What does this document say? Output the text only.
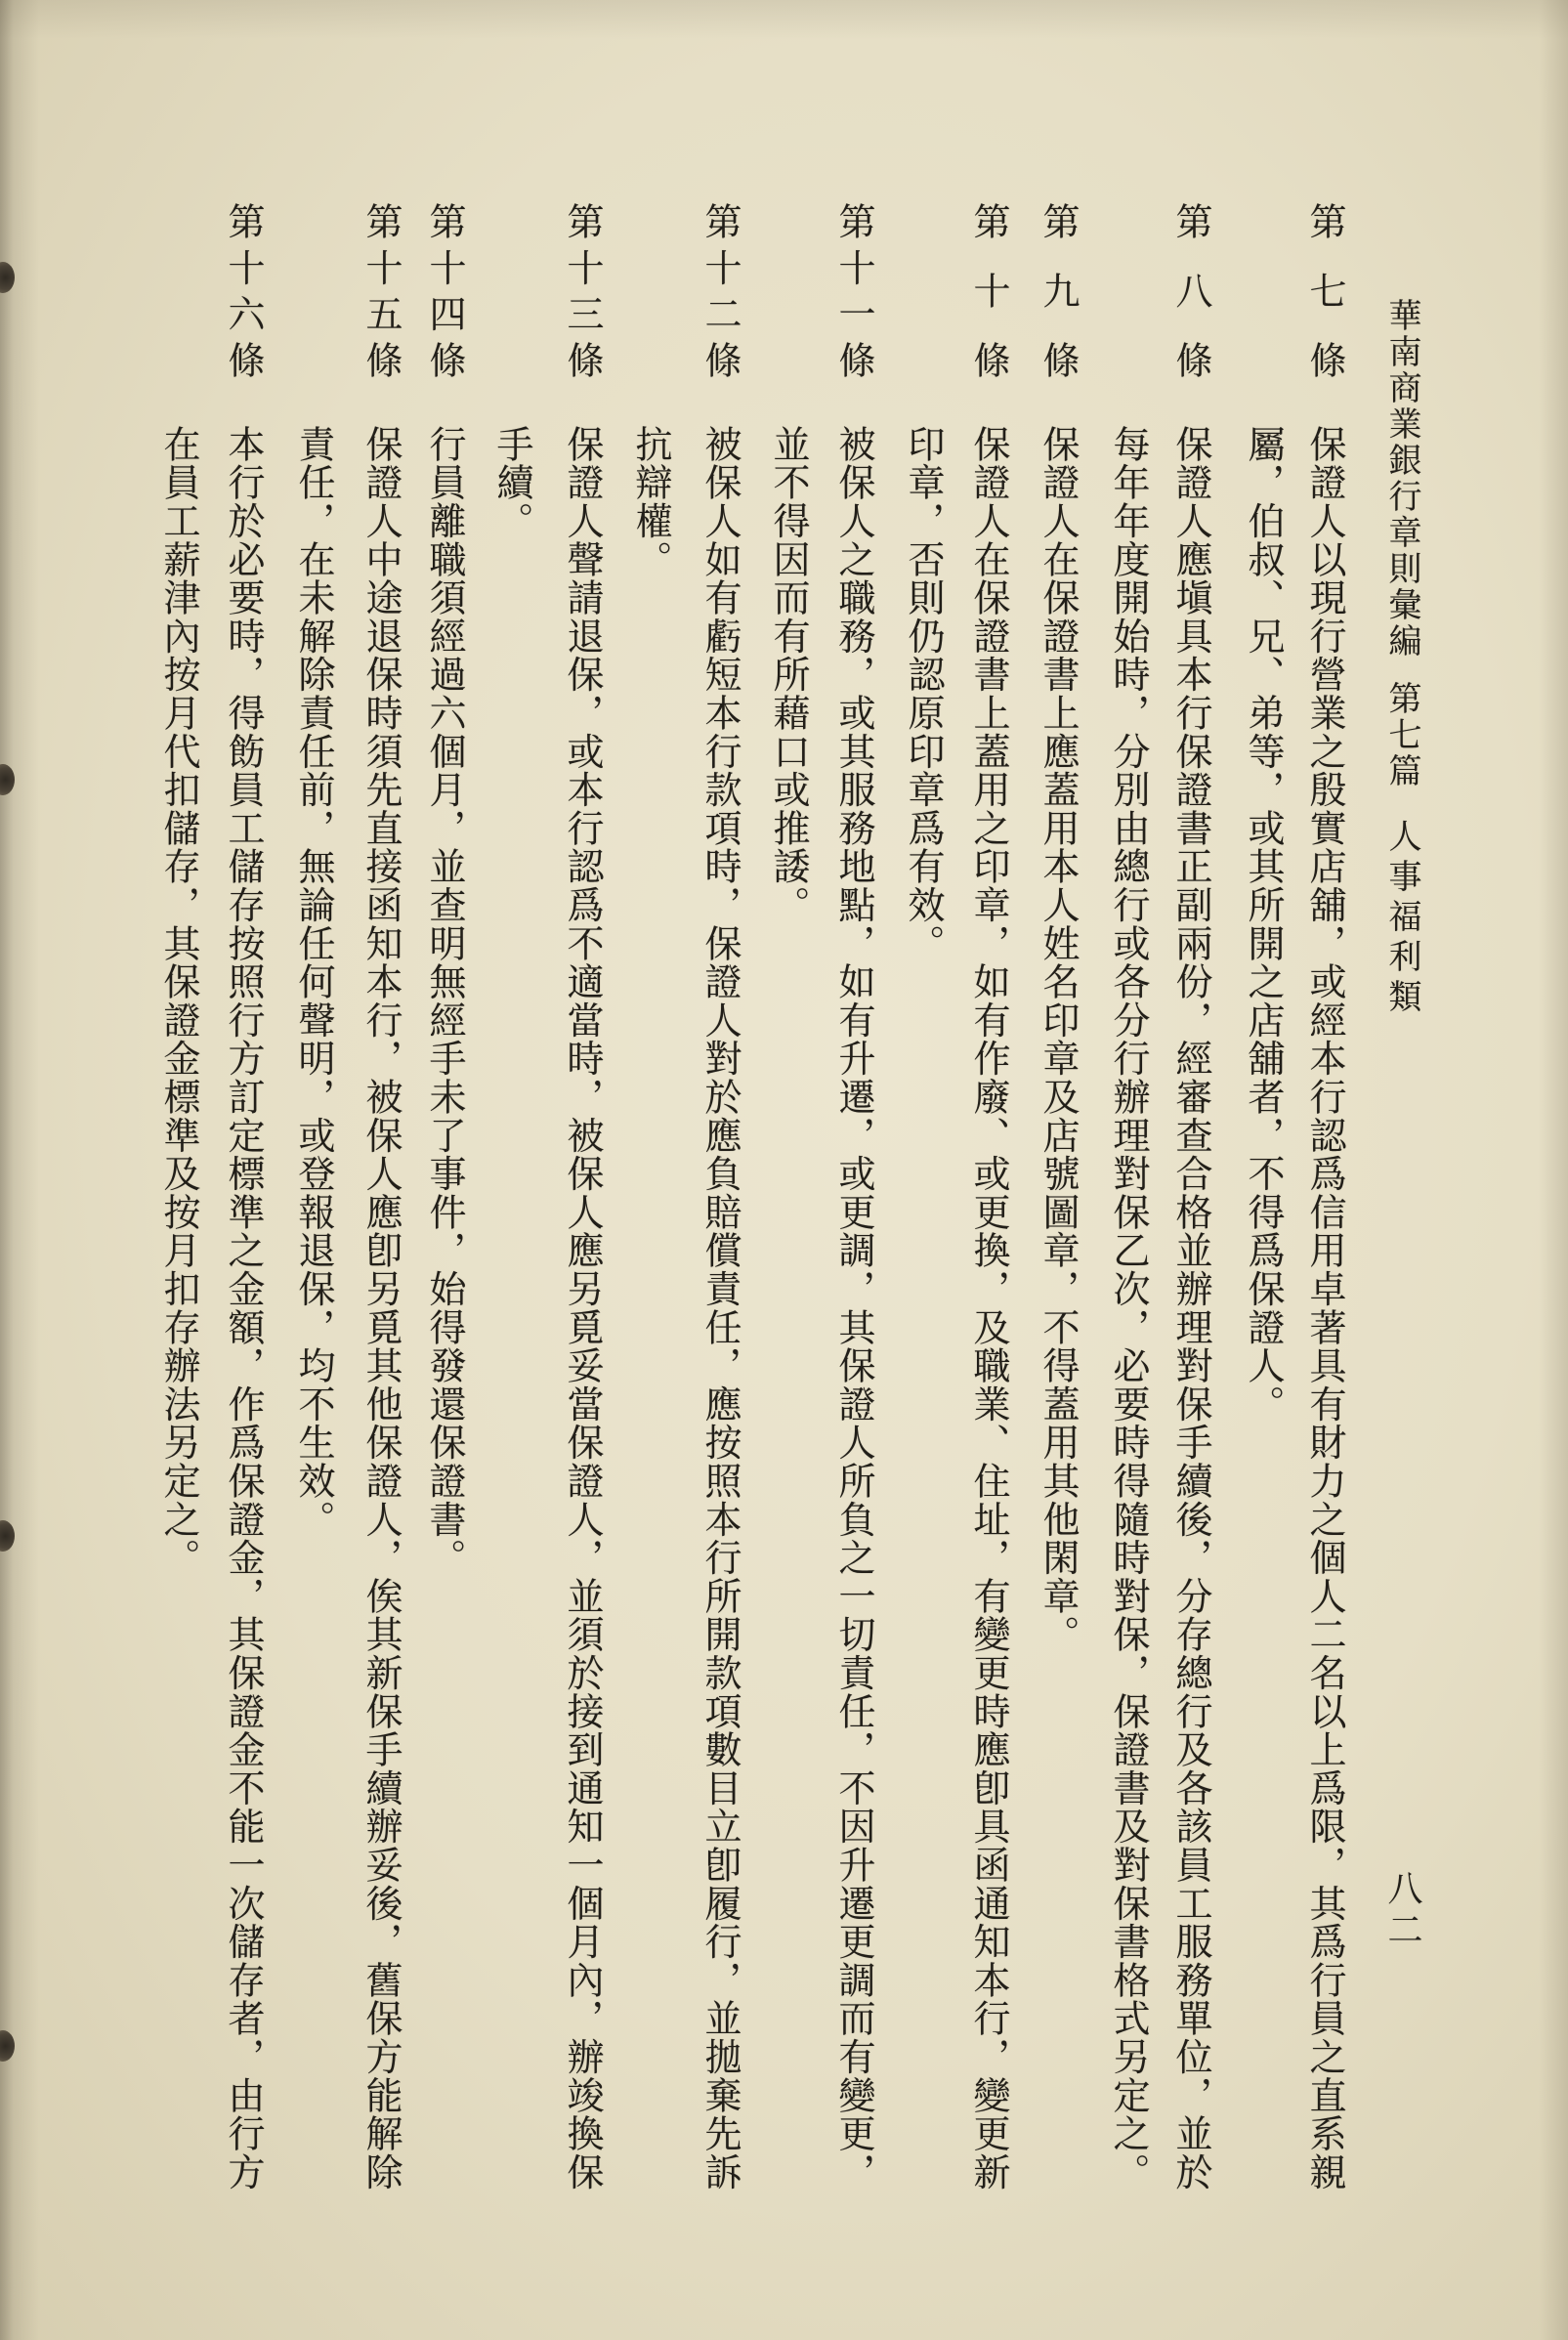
華南商業銀行章則彙編第七篇人事福利類
八二
第七條
保證人以現行營業之殷實店舖，或經本行認爲信用卓著具有財力之個人二名以上爲限，其爲行員之直系親
屬，伯叔、兄、弟等，或其所開之店舖者，不得爲保證人。
第八條
保證人應塡具本行保證書正副兩份，經審查合格並辦理對保手續後，分存總行及各該員工服務單位，並於
每年年度開始時，分別由總行或各分行辦理對保乙次，必要時得隨時對保，保證書及對保書格式另定之。
第九條
保證人在保證書上應蓋用本人姓名印章及店號圖章，不得蓋用其他閑章。
第十條
保證人在保證書上蓋用之印章，如有作廢、或更換，及職業、住址，有變更時應卽具函通知本行，變更新
印章，否則仍認原印章爲有效。
第十一條
被保人之職務，或其服務地點，如有升遷，或更調，其保證人所負之一切責任，不因升遷更調而有變更，
並不得因而有所藉口或推諉。
第十二條
被保人如有虧短本行款項時，保證人對於應負賠償責任，應按照本行所開款項數目立卽履行，並拋棄先訴
抗辯權。
第十三條
保證人聲請退保，或本行認爲不適當時，被保人應另覓妥當保證人，並須於接到通知一個月內，辦竣換保
手續。
第十四條
行員離職須經過六個月，並查明無經手未了事件，始得發還保證書。
第十五條
保證人中途退保時須先直接函知本行，被保人應卽另覓其他保證人，俟其新保手續辦妥後，舊保方能解除
責任，在未解除責任前，無論任何聲明，或登報退保，均不生效。
第十六條
本行於必要時，得飭員工儲存按照行方訂定標準之金額，作爲保證金，其保證金不能一次儲存者，由行方
在員工薪津內按月代扣儲存，其保證金標準及按月扣存辦法另定之。
